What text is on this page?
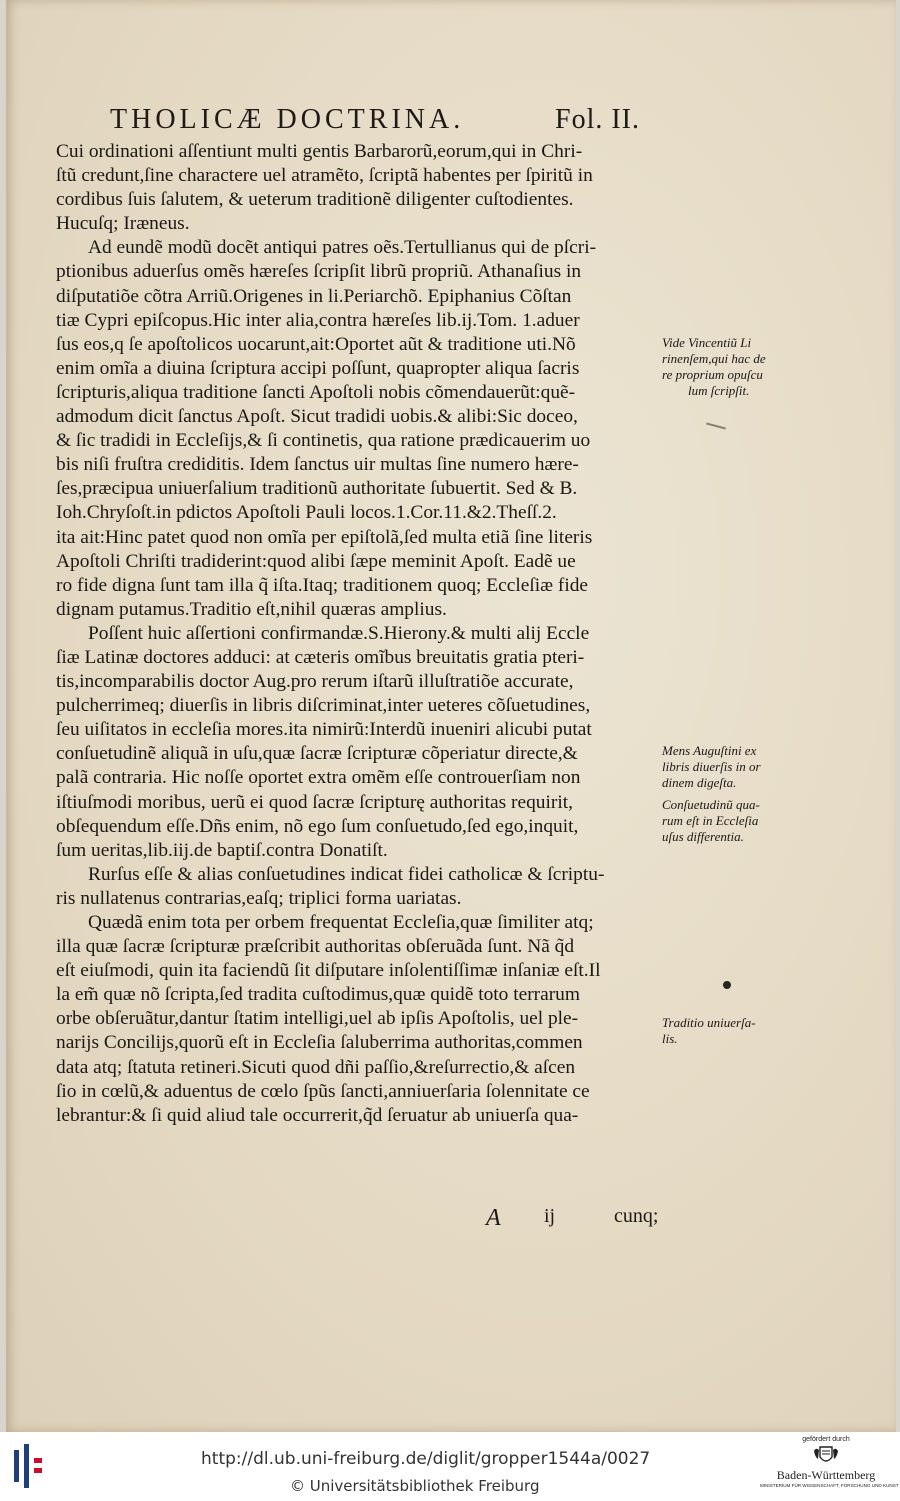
THOLICÆ DOCTRINA.	Fol. II.
Cui ordinationi aſſentiunt multi gentis Barbarorũ,eorum,qui in Chri-
ſtũ credunt,ſine charactere uel atramẽto, ſcriptã habentes per ſpiritũ in
cordibus ſuis ſalutem, & ueterum traditionẽ diligenter cuſtodientes.
Hucuſq; Iræneus.
Ad eundẽ modũ docẽt antiqui patres oẽs.Tertullianus qui de pſcri-
ptionibus aduerſus omẽs hæreſes ſcripſit librũ propriũ. Athanaſius in
diſputatiõe cõtra Arriũ.Origenes in li.Periarchõ. Epiphanius Cõſtan
tiæ Cypri epiſcopus.Hic inter alia,contra hæreſes lib.ij.Tom. 1.aduer
ſus eos,q ſe apoſtolicos uocarunt,ait:Oportet aũt & traditione uti.Nõ
enim omĩa a diuina ſcriptura accipi poſſunt, quapropter aliqua ſacris
ſcripturis,aliqua traditione ſancti Apoſtoli nobis cõmendauerũt:quẽ-
admodum dicit ſanctus Apoſt. Sicut tradidi uobis.& alibi:Sic doceo,
& ſic tradidi in Eccleſijs,& ſi continetis, qua ratione prædicauerim uo
bis niſi fruſtra crediditis. Idem ſanctus uir multas ſine numero hære-
ſes,præcipua uniuerſalium traditionũ authoritate ſubuertit. Sed & B.
Ioh.Chryſoſt.in pdictos Apoſtoli Pauli locos.1.Cor.11.&2.Theſſ.2.
ita ait:Hinc patet quod non omĩa per epiſtolã,ſed multa etiã ſine literis
Apoſtoli Chriſti tradiderint:quod alibi ſæpe meminit Apoſt. Eadẽ ue
ro fide digna ſunt tam illa q̃ iſta.Itaq; traditionem quoq; Eccleſiæ fide
dignam putamus.Traditio eſt,nihil quæras amplius.
Poſſent huic aſſertioni confirmandæ.S.Hierony.& multi alij Eccle
ſiæ Latinæ doctores adduci: at cæteris omĩbus breuitatis gratia pteri-
tis,incomparabilis doctor Aug.pro rerum iſtarũ illuſtratiõe accurate,
pulcherrimeq; diuerſis in libris diſcriminat,inter ueteres cõſuetudines,
ſeu uiſitatos in eccleſia mores.ita nimirũ:Interdũ inueniri alicubi putat
conſuetudinẽ aliquã in uſu,quæ ſacræ ſcripturæ cõperiatur directe,&
palã contraria. Hic noſſe oportet extra omẽm eſſe controuerſiam non
iſtiuſmodi moribus, uerũ ei quod ſacræ ſcripturę authoritas requirit,
obſequendum eſſe.Dñs enim, nõ ego ſum conſuetudo,ſed ego,inquit,
ſum ueritas,lib.iij.de baptiſ.contra Donatiſt.
Rurſus eſſe & alias conſuetudines indicat fidei catholicæ & ſcriptu-
ris nullatenus contrarias,eaſq; triplici forma uariatas.
Quædã enim tota per orbem frequentat Eccleſia,quæ ſimiliter atq;
illa quæ ſacræ ſcripturæ præſcribit authoritas obſeruãda ſunt. Nã q̃d
eſt eiuſmodi, quin ita faciendũ ſit diſputare inſolentiſſimæ inſaniæ eſt.Il
la em̃ quæ nõ ſcripta,ſed tradita cuſtodimus,quæ quidẽ toto terrarum
orbe obſeruãtur,dantur ſtatim intelligi,uel ab ipſis Apoſtolis, uel ple-
narijs Concilijs,quorũ eſt in Eccleſia ſaluberrima authoritas,commen
data atq; ſtatuta retineri.Sicuti quod dñi paſſio,&reſurrectio,& aſcen
ſio in cœlũ,& aduentus de cœlo ſpũs ſancti,anniuerſaria ſolennitate ce
lebrantur:& ſi quid aliud tale occurrerit,q̃d ſeruatur ab uniuerſa qua-
Vide Vincentiũ Li
rinenſem,qui hac de
re proprium opuſcu
lum ſcripſit.
Mens Auguſtini ex
libris diuerſis in or
dinem digeſta.
Conſuetudinũ qua-
rum eſt in Eccleſia
uſus differentia.
Traditio uniuerſa-
lis.
A ij	cunq;
http://dl.ub.uni-freiburg.de/diglit/gropper1544a/0027
© Universitätsbibliothek Freiburg
gefördert durch
Baden-Württemberg
MINISTERIUM FÜR WISSENSCHAFT, FORSCHUNG UND KUNST
